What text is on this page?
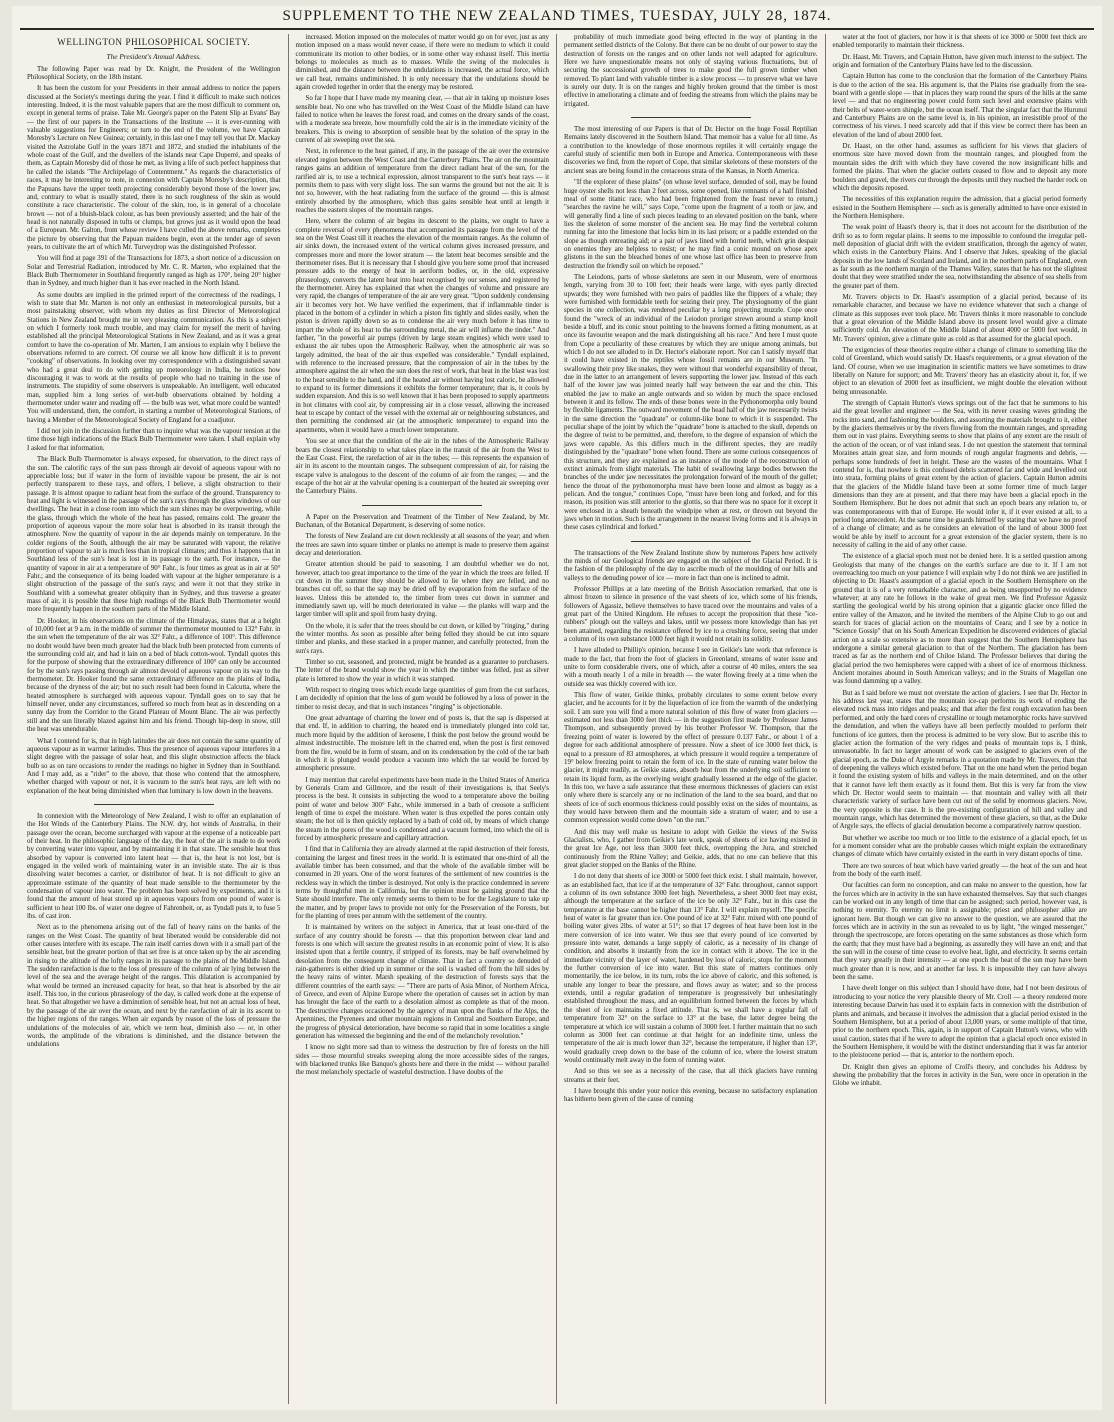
SUPPLEMENT TO THE NEW ZEALAND TIMES, TUESDAY, JULY 28, 1874.
WELLINGTON PHILOSOPHICAL SOCIETY.
The President's Annual Address.

The following Paper was read by Dr. Knight, the President of the Wellington Philosophical Society, on the 18th instant.

It has been the custom for your Presidents in their annual address to notice the papers discussed at the Society's meetings during the year. I find it difficult to make such notices interesting. Indeed, it is the most valuable papers that are the most difficult to comment on, except in general terms of praise. Take Mr. George's paper on the Patent Slip at Evans' Bay — the first of our papers in the Transactions of the Institute — it is ever-running with valuable suggestions for Engineers; or turn to the end of the volume, we have Captain Moresby's Lecture on New Guinea; certainly, in this last one I may tell you that Dr. Mackay visited the Astrolabe Gulf in the years 1871 and 1872, and studied the inhabitants of the whole coast of the Gulf, and the dwellers of the islands near Cape Duperré, and speaks of them, as Captain Moresby did of those he met, as living a life of such perfect happiness that he called the islands "The Archipelago of Contentment." As regards the characteristics of races, it may be interesting to note, in connexion with Captain Moresby's description, that the Papuans have the upper teeth projecting considerably beyond those of the lower jaw, and, contrary to what is usually stated, there is no such roughness of the skin as would constitute a race characteristic. The colour of the skin, too, is in general of a chocolate brown — not of a bluish-black colour, as has been previously asserted; and the hair of the head is not naturally disposed in tufts or clumps, but grows just as it would upon the head of a European. Mr. Galton, from whose review I have culled the above remarks, completes the picture by observing that the Papuan maidens begin, even at the tender age of seven years, to cultivate the art of which Mr. Turveydrop was the distinguished Professor.

You will find at page 391 of the Transactions for 1873, a short notice of a discussion on Solar and Terrestrial Radiation, introduced by Mr. C. R. Marten, who explained that the Black Bulb Thermometer in Southland frequently ranged as high as 170°, being 20° higher than in Sydney, and much higher than it has ever reached in the North Island.

As some doubts are implied in the printed report of the correctness of the readings, I wish to state that Mr. Marten is not only an enthusiast in meteorological pursuits, but a most painstaking observer, with whom my duties as first Director of Meteorological Stations in New Zealand brought me in very pleasing communication. As this is a subject on which I formerly took much trouble, and may claim for myself the merit of having established all the principal Meteorological Stations in New Zealand, and as it was a great comfort to have the co-operation of Mr. Marten, I am anxious to explain why I believe the observations referred to are correct. Of course we all know how difficult it is to prevent "cooking" of observations. In looking over my correspondence with a distinguished savant who had a great deal to do with getting up meteorology in India, he notices how discouraging it was to work at the results of people who had no training in the use of instruments. The stupidity of some observers is unspeakable. An intelligent, well educated man, supplied him a long series of wet-bulb observations obtained by holding a thermometer under water and reading off — the bulb was wet, what more could be wanted! You will understand, then, the comfort, in starting a number of Meteorological Stations, of having a Member of the Meteorological Society of England for a coadjutor.

I did not join in the discussion further than to inquire what was the vapour tension at the time those high indications of the Black Bulb Thermometer were taken. I shall explain why I asked for that information.

The Black Bulb Thermometer is always exposed, for observation, to the direct rays of the sun. The calorific rays of the sun pass through air devoid of aqueous vapour with no appreciable loss; but if water in the form of invisible vapour be present, the air is not perfectly transparent to these rays, and offers, I believe, a slight obstruction to their passage. It is almost opaque to radiant heat from the surface of the ground. Transparency to heat and light is witnessed in the passage of the sun's rays through the glass windows of our dwellings. The heat in a close room into which the sun shines may be overpowering, while the glass, through which the whole of the heat has passed, remains cold. The greater the proportion of aqueous vapour the more solar heat is absorbed in its transit through the atmosphere. Now the quantity of vapour in the air depends mainly on temperature. In the colder regions of the South, although the air may be saturated with vapour, the relative proportion of vapour to air is much less than in tropical climates; and thus it happens that in Southland less of the sun's heat is lost in its passage to the earth. For instance, — the quantity of vapour in air at a temperature of 90° Fahr., is four times as great as in air at 50° Fahr.; and the consequence of its being loaded with vapour at the higher temperature is a slight obstruction of the passage of the sun's rays; and were it not that they strike in Southland with a somewhat greater obliquity than in Sydney, and thus traverse a greater mass of air, it is possible that these high readings of the Black Bulb Thermometer would more frequently happen in the southern parts of the Middle Island.

Dr. Hooker, in his observations on the climate of the Himalayas, states that at a height of 10,000 feet at 9 a.m. in the middle of summer the thermometer mounted to 132° Fahr. in the sun when the temperature of the air was 32° Fahr., a difference of 100°. This difference no doubt would have been much greater had the black bulb been protected from currents of the surrounding cold air, and had it lain on a bed of black cotton-wool. Tyndall quotes this for the purpose of showing that the extraordinary difference of 100° can only be accounted for by the sun's rays passing through air almost devoid of aqueous vapour on its way to the thermometer. Dr. Hooker found the same extraordinary difference on the plains of India, because of the dryness of the air; but no such result had been found in Calcutta, where the heated atmosphere is surcharged with aqueous vapour. Tyndall goes on to say that he himself never, under any circumstances, suffered so much from heat as in descending on a sunny day from the Corridor to the Grand Plateau of Mount Blanc. The air was perfectly still and the sun literally blazed against him and his friend. Though hip-deep in snow, still the heat was unendurable.

What I contend for is, that in high latitudes the air does not contain the same quantity of aqueous vapour as in warmer latitudes. Thus the presence of aqueous vapour interferes in a slight degree with the passage of solar heat, and this slight obstruction affects the black bulb so as on rare occasions to render the readings no higher in Sydney than in Southland. And I may add, as a "rider" to the above, that those who contend that the atmosphere, whether charged with vapour or not, it is vacuum to the sun's heat rays, are left with no explanation of the heat being diminished when that luminary is low down in the heavens.

In connexion with the Meteorology of New Zealand, I wish to offer an explanation of the Hot Winds of the Canterbury Plains. The N.W. dry, hot winds of Australia, in their passage over the ocean, become surcharged with vapour at the expense of a noticeable part of their heat. In the philosophic language of the day, the heat of the air is made to do work by converting water into vapour, and by maintaining it in that state. The sensible heat thus absorbed by vapour is converted into latent heat — that is, the heat is not lost, but is engaged in the veiled work of maintaining water in an invisible state. The air is thus dissolving water becomes a carrier, or distributor of heat. It is not difficult to give an approximate estimate of the quantity of heat made sensible to the thermometer by the condensation of vapour into water. The problem has been solved by experiments, and it is found that the amount of heat stored up in aqueous vapours from one pound of water is sufficient to heat 100 lbs. of water one degree of Fahrenheit, or, as Tyndall puts it, to fuse 5 lbs. of cast iron.

Next as to the phenomena arising out of the fall of heavy rains on the banks of the ranges on the West Coast. The quantity of heat liberated would be considerable did not other causes interfere with its escape. The rain itself carries down with it a small part of the sensible heat, but the greater portion of that set free is at once taken up by the air ascending in rising to the altitude of the lofty ranges in its passage to the plains of the Middle Island. The sudden rarefaction is due to the loss of pressure of the column of air lying between the level of the sea and the average height of the ranges. This dilatation is accompanied by what would be termed an increased capacity for heat, so that heat is absorbed by the air itself. This too, in the curious phraseology of the day, is called work done at the expense of heat. So that altogether we have a diminution of sensible heat, but not an actual loss of heat, by the passage of the air over the ocean, and next by the rarefaction of air in its ascent to the higher regions of the ranges. When air expands by reason of the loss of pressure the undulations of the molecules of air, which we term heat, diminish also — or, in other words, the amplitude of the vibrations is diminished, and the distance between the undulations

increased. Motion imposed on the molecules of matter would go on for ever, just as any motion imposed on a mass would never cease, if there were no medium to which it could communicate its motion to other bodies, or in some other way exhaust itself. This inertia belongs to molecules as much as to masses. While the swing of the molecules is diminished, and the distance between the undulations is increased, the actual force, which we call heat, remains undiminished. It is only necessary that the undulations should be again crowded together in order that the energy may be restored.

So far I hope that I have made my meaning clear, — that air in taking up moisture loses sensible heat. No one who has travelled on the West Coast of the Middle Island can have failed to notice when he leaves the forest road, and comes on the dreary sands of the coast, with a moderate sea breeze, how mournfully cold the air is in the immediate vicinity of the breakers. This is owing to absorption of sensible heat by the solution of the spray in the current of air sweeping over the sea.

Next, in reference to the heat gained, if any, in the passage of the air over the extensive elevated region between the West Coast and the Canterbury Plains. The air on the mountain ranges gains an addition of temperature from the direct radiant heat of the sun, for the rarified air is, to use a technical expression, almost transparent to the sun's heat rays — it permits them to pass with very slight loss. The sun warms the ground but not the air. It is not so, however, with the heat radiating from the surface of the ground — this is almost entirely absorbed by the atmosphere, which thus gains sensible heat until at length it reaches the eastern slopes of the mountain ranges.

Here, where the column of air begins its descent to the plains, we ought to have a complete reversal of every phenomena that accompanied its passage from the level of the sea on the West Coast till it reaches the elevation of the mountain ranges. As the column of air sinks down, the increased extent of the vertical column gives increased pressure, and compresses more and more the lower stratum — the latent heat becomes sensible and the thermometer rises. But it is necessary that I should give you here some proof that increased pressure adds to the energy of heat in aeriform bodies, or, in the old, expressive phraseology, converts the latent heat into heat recognised by our senses, and registered by the thermometer. Airey has explained that when the changes of volume and pressure are very rapid, the changes of temperature of the air are very great. "Upon suddenly condensing air it becomes very hot. We have verified the experiment, that if inflammable tinder is placed in the bottom of a cylinder in which a piston fits tightly and slides easily, when the piston is driven rapidly down so as to condense the air very much before it has time to impart the whole of its heat to the surrounding metal, the air will inflame the tinder." And farther, "in the powerful air pumps (driven by large steam engines) which were used to exhaust the air tubes upon the Atmospheric Railway, when the atmospheric air was so largely admitted, the heat of the air thus expelled was considerable." Tyndall explained, with reference to the increased pressure, that the compression of air in the tubes by the atmosphere against the air when the sun does the rest of work, that heat in the blast was lost to the heat sensible to the hand, and if the heated air without having lost caloric, be allowed to expand to its former dimensions it exhibits the former temperature; that is, it cools by sudden expansion. And this is so well known that it has been proposed to supply apartments in hot climates with cool air, by compressing air in a close vessel, allowing the increased heat to escape by contact of the vessel with the external air or neighbouring substances, and then permitting the condensed air (at the atmospheric temperature) to expand into the apartments, when it would have a much lower temperature.

You see at once that the condition of the air in the tubes of the Atmospheric Railway bears the closest relationship to what takes place in the transit of the air from the West to the East Coast. First, the rarefaction of air in the tubes; — this represents the expansion of air in its ascent to the mountain ranges. The subsequent compression of air, for raising the escape valve is analogous to the descent of the column of air from the ranges; — and the escape of the hot air at the valvular opening is a counterpart of the heated air sweeping over the Canterbury Plains.

A Paper on the Preservation and Treatment of the Timber of New Zealand, by Mr. Buchanan, of the Botanical Department, is deserving of some notice.

The forests of New Zealand are cut down recklessly at all seasons of the year; and when the trees are sawn into square timber or planks no attempt is made to preserve them against decay and deterioration.

Greater attention should be paid to seasoning. I am doubtful whether we do not, however, attach too great importance to the time of the year in which the trees are felled. If cut down in the summer they should be allowed to lie where they are felled, and no branches cut off, so that the sap may be dried off by evaporation from the surface of the leaves. Unless this be attended to, the timber from trees cut down in summer and immediately sawn up, will be much deteriorated in value — the planks will warp and the larger timber will split and spoil from hasty drying.

On the whole, it is safer that the trees should be cut down, or killed by "ringing," during the winter months. As soon as possible after being felled they should be cut into square timber and planks, and these stacked in a proper manner, and carefully protected, from the sun's rays.

Timber so cut, seasoned, and protected, might be branded as a guarantee to purchasers. The letter of the brand would show the year in which the timber was felled, just as silver plate is lettered to show the year in which it was stamped.

With respect to ringing trees which exude large quantities of gum from the cut surfaces, I am decidedly of opinion that the loss of gum would be followed by a loss of power in the timber to resist decay, and that in such instances "ringing" is objectionable.

One great advantage of charring the lower end of posts is, that the sap is dispersed at that end. If, in addition to charring, the heated end is immediately plunged into cold tar, much more liquid by the addition of kerosene, I think the post below the ground would be almost indestructible. The moisture left in the charred end, when the post is first removed from the fire, would be in form of steam, and on its condensation by the cold of the tar bath in which it is plunged would produce a vacuum into which the tar would be forced by atmospheric pressure.

I may mention that careful experiments have been made in the United States of America by Generals Cram and Gillmore, and the result of their investigations is, that Seely's process is the best. It consists in subjecting the wood to a temperature above the boiling point of water and below 300° Fahr., while immersed in a bath of creosote a sufficient length of time to expel the moisture. When water is thus expelled the pores contain only steam; the hot oil is then quickly replaced by a bath of cold oil, by means of which change the steam in the pores of the wood is condensed and a vacuum formed, into which the oil is forced by atmospheric pressure and capillary attraction.

I find that in California they are already alarmed at the rapid destruction of their forests, containing the largest and finest trees in the world. It is estimated that one-third of all the available timber has been consumed, and that the whole of the available timber will be consumed in 20 years. One of the worst features of the settlement of new countries is the reckless way in which the timber is destroyed. Not only is the practice condemned in severe terms by thoughtful men in California, but the opinion must be gaining ground that the State should interfere. The only remedy seems to them to be for the Legislature to take up the matter, and by proper laws to provide not only for the Preservation of the Forests, but for the planting of trees per annum with the settlement of the country.

It is maintained by writers on the subject in America, that at least one-third of the surface of any country should be forests — that this proportion between clear land and forests is one which will secure the greatest results in an economic point of view. It is also insisted upon that a fertile country, if stripped of its forests, may be half overwhelmed by desolation from the consequent change of climate. That in fact a country so denuded of rain-gatherers is either dried up in summer or the soil is washed off from the hill sides by the heavy rains of winter. Marsh speaking of the destruction of forests says that the different countries of the earth says: — "There are parts of Asia Minor, of Northern Africa, of Greece, and even of Alpine Europe where the operation of causes set in action by man has brought the face of the earth to a desolation almost as complete as that of the moon. The destructive changes occasioned by the agency of man upon the flanks of the Alps, the Apennines, the Pyrenees and other mountain regions in Central and Southern Europe, and the progress of physical deterioration, have become so rapid that in some localities a single generation has witnessed the beginning and the end of the melancholy revolution."

I know no sight more sad than to witness the destruction by fire of forests on the hill sides — those mournful streaks sweeping along the more accessible sides of the ranges, with blackened trunks like Banquo's ghosts here and there in the midst — without parallel the most melancholy spectacle of wasteful destruction. I have doubts of the

probability of much immediate good being effected in the way of planting in the permanent settled districts of the Colony. But there can be no doubt of our power to stay the destruction of forests on the ranges and on other lands not well adapted for agriculture. Here we have unquestionable means not only of staying various fluctuations, but of securing the successional growth of trees to make good the full grown timber when removed. To plant land with valuable timber is a slow process — to preserve what we have is surely our duty. It is on the ranges and highly broken ground that the timber is most effective in ameliorating a climate and of feeding the streams from which the plains may be irrigated.

The most interesting of our Papers is that of Dr. Hector on the huge Fossil Reptilian Remains lately discovered in the Southern Island. That memoir has a value for all time. As a contribution to the knowledge of those enormous reptiles it will certainly engage the careful study of scientific men both in Europe and America. Contemporaneous with these discoveries we find, from the report of Cope, that similar skeletons of these monsters of the ancient seas are being found in the cretaceous strata of the Kansas, in North America.

"If the explorer of these plains" (on whose level surface, denuded of soil, may be found huge oyster shells not less than 2 feet across, some opened, like remnants of a half finished meal of some titanic race, who had been frightened from the feast never to return,) "searches the ravine he will," says Cope, "come upon the fragment of a tooth or jaw, and will generally find a line of such pieces leading to an elevated position on the bank, where lies the skeleton of some monster of the ancient sea. He may find the vertebral column running far into the limestone that locks him in its last prison; or a paddle extended on the slope as though entreating aid; or a pair of jaws lined with horrid teeth, which grin despair on enemies they are helpless to resist; or he may find a conic mound on whose apex glistens in the sun the bleached bones of one whose last office has been to preserve from destruction the friendly soil on which he reposed."

The Leiodons, parts of whose skeletons are seen in our Museum, were of enormous length, varying from 30 to 100 feet; their heads were large, with eyes partly directed upwards; they were furnished with two pairs of paddles like the flippers of a whale; they were furnished with formidable teeth for seizing their prey. The physiognomy of the giant species in one collection, was rendered peculiar by a long projecting muzzle. Cope once found the "wreck of an individual of the Leiodon proriger strewn around a stump knoll beside a bluff, and its conic snout pointing to the heavens formed a fitting monument, as at once its favourite weapon and the mark distinguishing all his race." And here I must quote from Cope a peculiarity of these creatures by which they are unique among animals, but which I do not see alluded to in Dr. Hector's elaborate report. Nor can I satisfy myself that it could have existed in the reptiles whose fossil remains are in our Museum. "In swallowing their prey like snakes, they were without that wonderful expansibility of throat, due in the latter to an arrangement of levers supporting the lower jaw. Instead of this each half of the lower jaw was jointed nearly half way between the ear and the chin. This enabled the jaw to make an angle outwards and so widen by much the space enclosed between it and its fellow. The ends of these bones were in the Pythonomorpha only bound by flexible ligaments. The outward movement of the head half of the jaw necessarily twists in the same direction the "quadrate" or column-like bone to which it is suspended. The peculiar shape of the joint by which the "quadrate" bone is attached to the skull, depends on the degree of twist to be permitted, and, therefore, to the degree of expansion of which the jaws were capable. As this differs much in the different species, they are readily distinguished by the "quadrate" bone when found. There are some curious consequences of this structure, and they are explained as an instance of the mode of the reconstruction of extinct animals from slight materials. The habit of swallowing large bodies between the branches of the under jaw necessitates the prolongation forward of the mouth of the gullet; hence the throat of the pythonomorpha must have been loose and almost as baggy as a pelican. And the tongue," continues Cope, "must have been long and forked, and for this reason, its position was still anterior to the glottis, so that there was no space for it except it were enclosed in a sheath beneath the windpipe when at rest, or thrown out beyond the jaws when in motion. Such is the arrangement in the nearest living forms and it is always in these cases cylindrical and forked."

The transactions of the New Zealand Institute show by numerous Papers how actively the minds of our Geological friends are engaged on the subject of the Glacial Period. It is the fashion of the philosophy of the day to ascribe much of the moulding of our hills and valleys to the denuding power of ice — more in fact than one is inclined to admit.

Professor Phillips at a late meeting of the British Association remarked, that one is almost frozen to silence in presence of the vast sheets of ice, which some of his friends, followers of Agassiz, believe themselves to have traced over the mountains and vales of a great part of the United Kingdom. He refuses to accept the proposition that these "ice-rubbers" plough out the valleys and lakes, until we possess more knowledge than has yet been attained, regarding the resistance offered by ice to a crushing force, seeing that under a column of its own substance 1000 feet high it would not retain its solidity.

I have alluded to Phillip's opinion, because I see in Geikie's late work that reference is made to the fact, that from the foot of glaciers in Greenland, streams of water issue and unite to form considerable rivers, one of which, after a course of 40 miles, enters the sea with a mouth nearly 1 of a mile in breadth — the water flowing freely at a time when the outside sea was thickly covered with ice.

This flow of water, Geikie thinks, probably circulates to some extent below every glacier, and he accounts for it by the liquefaction of ice from the warmth of the underlying soil. I am sure you will find a more natural solution of this flow of water from glaciers — estimated not less than 3000 feet thick — in the suggestion first made by Professor James Thompson, and subsequently proved by his brother Professor W. Thompson, that the freezing point of water is lowered by the effect of pressure 0.137 Fahr., or about 1 of a degree for each additional atmosphere of pressure. Now a sheet of ice 3000 feet thick, is equal to a pressure of 83 atmospheres, at which pressure it would require a temperature of 19° below freezing point to retain the form of ice. In the state of running water below the glacier, it might readily, as Geikie states, absorb heat from the underlying soil sufficient to retain its liquid form, as the overlying weight gradually lessened at the edge of the glacier. In this too, we have a safe assurance that these enormous thicknesses of glaciers can exist only where there is scarcely any or no inclination of the land to the sea board, and that no sheets of ice of such enormous thickness could possibly exist on the sides of mountains, as they would have between them and the mountain side a stratum of water; and to use a common expression would come down "on the run."

And this may well make us hesitate to adopt with Geikie the views of the Swiss Glacialists, who, I gather from Geikie's late work, speak of sheets of ice having existed in the great Ice Age, not less than 3000 feet thick, overtopping the Jura, and stretched continuously from the Rhine Valley; and Geikie, adds, that no one can believe that this great glacier stopped on the Banks of the Rhine.

I do not deny that sheets of ice 3000 or 5000 feet thick exist. I shall maintain, however, as an established fact, that ice if at the temperature of 32° Fahr. throughout, cannot support a column of its own substance 3000 feet high. Nevertheless, a sheet 3000 feet may exist, although the temperature at the surface of the ice be only 32° Fahr., but in this case the temperature at the base cannot be higher than 13° Fahr. I will explain myself. The specific heat of water is far greater than ice. One pound of ice at 32° Fahr. mixed with one pound of boiling water gives 2lbs. of water at 51°; so that 17 degrees of heat have been lost in the mere conversion of ice into water. We thus see that every pound of ice converted by pressure into water, demands a large supply of caloric, as a necessity of its change of condition, and absorbs it instantly from the ice in contact with it above. The ice in the immediate vicinity of the layer of water, hardened by loss of caloric, stops for the moment the further conversion of ice into water. But this state of matters continues only momentarily, the ice below, in its turn, robs the ice above of caloric, and this softened, is unable any longer to bear the pressure, and flows away as water; and so the process extends, until a regular gradation of temperature is progressively but unhesitatingly established throughout the mass, and an equilibrium formed between the forces by which the sheet of ice maintains a fixed attitude. That is, we shall have a regular fall of temperature from 32° on the surface to 13° at the base, the latter degree being the temperature at which ice will sustain a column of 3000 feet. I further maintain that no such column as 3000 feet can continue at that height for an indefinite time, unless the temperature of the air is much lower than 32°, because the temperature, if higher than 13°, would gradually creep down to the base of the column of ice, where the lowest stratum would continually melt away in the form of running water.

And so thus we see as a necessity of the case, that all thick glaciers have running streams at their feet.

I have brought this under your notice this evening, because no satisfactory explanation has hitherto been given of the cause of running

water at the foot of glaciers, nor how it is that sheets of ice 3000 or 5000 feet thick are enabled temporarily to maintain their thickness.

Dr. Haast, Mr. Travers, and Captain Hutton, have given much interest to the subject. The origin and formation of the Canterbury Plains have led to the discussion.

Captain Hutton has come to the conclusion that the formation of the Canterbury Plains is due to the action of the sea. His argument is, that the Plains rise gradually from the sea-board with a gentle slope — that in places they warp round the spurs of the hills at the same level — and that no engineering power could form such level and extensive plains with their belts of water-worn shingle, but the ocean itself. That the singular fact that the Hurunui and Canterbury Plains are on the same level is, in his opinion, an irresistible proof of the correctness of his views. I need scarcely add that if this view be correct there has been an elevation of the land of about 2000 feet.

Dr. Haast, on the other hand, assumes as sufficient for his views that glaciers of enormous size have moved down from the mountain ranges, and ploughed from the mountain sides the drift with which they have covered the now insignificant hills and formed the plains. That when the glacier outlets ceased to flow and to deposit any more boulders and gravel, the rivers cut through the deposits until they reached the harder rock on which the deposits reposed.

The necessities of this explanation require the admission, that a glacial period formerly existed in the Southern Hemisphere — such as is generally admitted to have once existed in the Northern Hemisphere.

The weak point of Haast's theory is, that it does not account for the distribution of the drift so as to form regular plains. It seems to me impossible to confound the irregular pell-mell deposition of glacial drift with the evident stratification, through the agency of water, which exists in the Canterbury Plains. And I observe that Jukes, speaking of the glacial deposits in the low lands of Scotland and Ireland, and in the northern parts of England, even as far south as the northern margin of the Thames Valley, states that he has not the slightest doubt that they were stratified under the sea, notwithstanding the absence of sea shells from the greater part of them.

Mr. Travers objects to Dr. Haast's assumption of a glacial period, because of its remarkable character, and because we have no evidence whatever that such a change of climate as this supposes ever took place. Mr. Travers thinks it more reasonable to conclude that a great elevation of the Middle Island above its present level would give a climate sufficiently cold. An elevation of the Middle Island of about 4000 or 5000 feet would, in Mr. Travers' opinion, give a climate quite as cold as that assumed for the glacial epoch.

The exigencies of these theories require either a change of climate to something like the cold of Greenland, which would satisfy Dr. Haast's requirements, or a great elevation of the land. Of course, when we use imagination in scientific matters we have sometimes to draw liberally on Nature for support; and Mr. Travers' theory has an elasticity about it, for, if we object to an elevation of 2000 feet as insufficient, we might double the elevation without being unreasonable.

The strength of Captain Hutton's views springs out of the fact that he summons to his aid the great leveller and engineer — the Sea, with its never ceasing waves grinding the rocks into sand, and fashioning the boulders, and assorting the materials brought to it, either by the glaciers themselves or by the rivers flowing from the mountain ranges, and spreading them out in vast plains. Everything seems to show that plains of any extent are the result of the action of the ocean, or of vast inland seas. I do not question the statement that terminal Moraines attain great size, and form mounds of rough angular fragments and debris, — perhaps some hundreds of feet in height. These are the wastes of the mountains. What I contend for is, that nowhere is this confused debris scattered far and wide and levelled out into strata, forming plains of great extent by the action of glaciers. Captain Hutton admits that the glaciers of the Middle Island have been at some former time of much larger dimensions than they are at present, and that there may have been a glacial epoch in the Southern Hemisphere. But he does not admit that such an epoch bears any relation to, or was contemporaneous with that of Europe. He would infer it, if it ever existed at all, to a period long antecedent. At the same time he guards himself by stating that we have no proof of a change of climate; and as he considers an elevation of the land of about 3000 feet would be able by itself to account for a great extension of the glacier system, there is no necessity of calling in the aid of any other cause.

The existence of a glacial epoch must not be denied here. It is a settled question among Geologists that many of the changes on the earth's surface are due to it. If I am not overreaching too much on your patience I will explain why I do not think we are justified in objecting to Dr. Haast's assumption of a glacial epoch in the Southern Hemisphere on the ground that it is of a very remarkable character, and as being unsupported by no evidence whatever; at any rate he follows in the wake of great men. We find Professor Agassiz startling the geological world by his strong opinion that a gigantic glacier once filled the entire valley of the Amazon, and he invited the members of the Alpine Club to go out and search for traces of glacial action on the mountains of Ceara; and I see by a notice in "Science Gossip" that on his South American Expedition he discovered evidences of glacial action on a scale so extensive as to more than suggest that the Southern Hemisphere has undergone a similar general glaciation to that of the Northern. The glaciation has been traced as far as the northern end of Chiloe Island. The Professor believes that during the glacial period the two hemispheres were capped with a sheet of ice of enormous thickness. Ancient moraines abound in South American valleys; and in the Straits of Magellan one was found damming up a valley.

But as I said before we must not overstate the action of glaciers. I see that Dr. Hector in his address last year, states that the mountain ice-cap performs its work of eroding the elevated rock mass into ridges and peaks; and that after the first rough excavation has been performed, and only the hard cores of crystalline or tough metamorphic rocks have survived the denudation, and when the valleys have all been perfectly moulded to perform their functions of ice gutters, then the process is admitted to be very slow. But to ascribe this to glacier action the formation of the very ridges and peaks of mountain tops is, I think, unreasonable. In fact no larger amount of work can be assigned to glaciers even of the glacial epoch, as the Duke of Argyle remarks in a quotation made by Mr. Travers, than that of deepening the valleys which existed before. That on the one hand when the period began it found the existing system of hills and valleys in the main determined, and on the other that it cannot have left them exactly as it found them. But this is very far from the view which Dr. Hector would seem to maintain — that mountain and valley with all their characteristic variety of surface have been cut out of the solid by enormous glaciers. Now, the very opposite is the case. It is the pre-existing configuration of hill and valley and mountain range, which has determined the movement of these glaciers, so that, as the Duke of Argyle says, the effects of glacial denudation become a comparatively narrow question.

But whether we ascribe too much or too little to the existence of a glacial epoch, let us for a moment consider what are the probable causes which might explain the extraordinary changes of climate which have certainly existed in the earth in very distant epochs of time.

There are two sources of heat which have varied greatly — the heat of the sun and heat from the body of the earth itself.

Our faculties can form no conception, and can make no answer to the question, how far the forces which are in activity in the sun have exhausted themselves. Say that such changes can be worked out in any length of time that can be assigned; such period, however vast, is nothing to eternity. To eternity no limit is assignable; priest and philosopher alike are ignorant here. But though we can give no answer to the question, we are assured that the forces which are in activity in the sun as revealed to us by light, "the winged messenger," through the spectroscope, are forces operating on the same substances as those which form the earth; that they must have had a beginning, as assuredly they will have an end; and that the sun will in the course of time cease to evolve heat, light, and electricity. It seems certain that they vary greatly in their intensity — at one epoch the heat of the sun may have been much greater than it is now, and at another far less. It is impossible they can have always been the same.

I have dwelt longer on this subject than I should have done, had I not been desirous of introducing to your notice the very plausible theory of Mr. Croll — a theory rendered more interesting because Darwin has used it to explain facts in connexion with the distribution of plants and animals, and because it involves the admission that a glacial period existed in the Southern Hemisphere, but at a period of about 13,000 years, or some multiple of that time, prior to the northern epoch. This, again, is in support of Captain Hutton's views, who with usual caution, states that if he were to adopt the opinion that a glacial epoch once existed in the Southern Hemisphere, it would be with the distinct understanding that it was far anterior to the pleistocene period — that is, anterior to the northern epoch.

Dr. Knight then gives an epitome of Croll's theory, and concludes his Address by shewing the probability that the forces in activity in the Sun, were once in operation in the Globe we inhabit.
